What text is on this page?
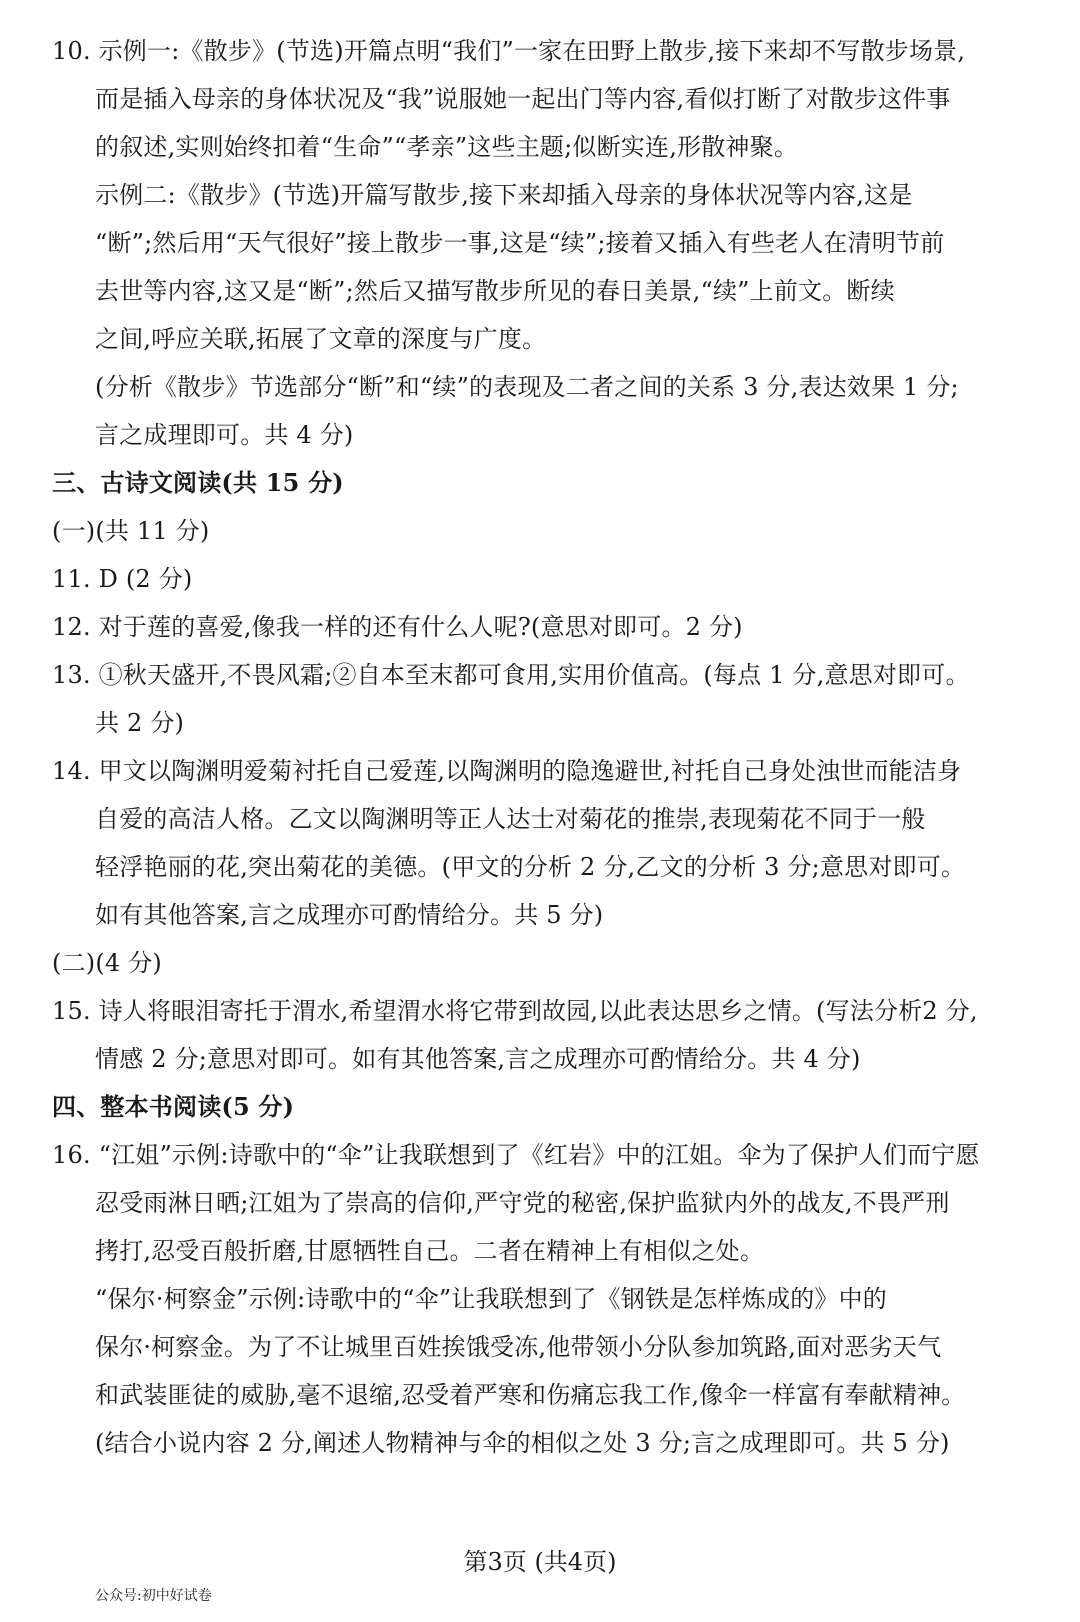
10. 示例一:《散步》(节选)开篇点明“我们”一家在田野上散步,接下来却不写散步场景,
而是插入母亲的身体状况及“我”说服她一起出门等内容,看似打断了对散步这件事
的叙述,实则始终扣着“生命”“孝亲”这些主题;似断实连,形散神聚。
示例二:《散步》(节选)开篇写散步,接下来却插入母亲的身体状况等内容,这是
“断”;然后用“天气很好”接上散步一事,这是“续”;接着又插入有些老人在清明节前
去世等内容,这又是“断”;然后又描写散步所见的春日美景,“续”上前文。断续
之间,呼应关联,拓展了文章的深度与广度。
(分析《散步》节选部分“断”和“续”的表现及二者之间的关系 3 分,表达效果 1 分;
言之成理即可。共 4 分)
三、古诗文阅读(共 15 分)
(一)(共 11 分)
11. D (2 分)
12. 对于莲的喜爱,像我一样的还有什么人呢?(意思对即可。2 分)
13. ①秋天盛开,不畏风霜;②自本至末都可食用,实用价值高。(每点 1 分,意思对即可。
共 2 分)
14. 甲文以陶渊明爱菊衬托自己爱莲,以陶渊明的隐逸避世,衬托自己身处浊世而能洁身
自爱的高洁人格。乙文以陶渊明等正人达士对菊花的推崇,表现菊花不同于一般
轻浮艳丽的花,突出菊花的美德。(甲文的分析 2 分,乙文的分析 3 分;意思对即可。
如有其他答案,言之成理亦可酌情给分。共 5 分)
(二)(4 分)
15. 诗人将眼泪寄托于渭水,希望渭水将它带到故园,以此表达思乡之情。(写法分析2 分,
情感 2 分;意思对即可。如有其他答案,言之成理亦可酌情给分。共 4 分)
四、整本书阅读(5 分)
16. “江姐”示例:诗歌中的“伞”让我联想到了《红岩》中的江姐。伞为了保护人们而宁愿
忍受雨淋日晒;江姐为了崇高的信仰,严守党的秘密,保护监狱内外的战友,不畏严刑
拷打,忍受百般折磨,甘愿牺牲自己。二者在精神上有相似之处。
“保尔·柯察金”示例:诗歌中的“伞”让我联想到了《钢铁是怎样炼成的》中的
保尔·柯察金。为了不让城里百姓挨饿受冻,他带领小分队参加筑路,面对恶劣天气
和武装匪徒的威胁,毫不退缩,忍受着严寒和伤痛忘我工作,像伞一样富有奉献精神。
(结合小说内容 2 分,阐述人物精神与伞的相似之处 3 分;言之成理即可。共 5 分)
第3页 (共4页)
公众号:初中好试卷
